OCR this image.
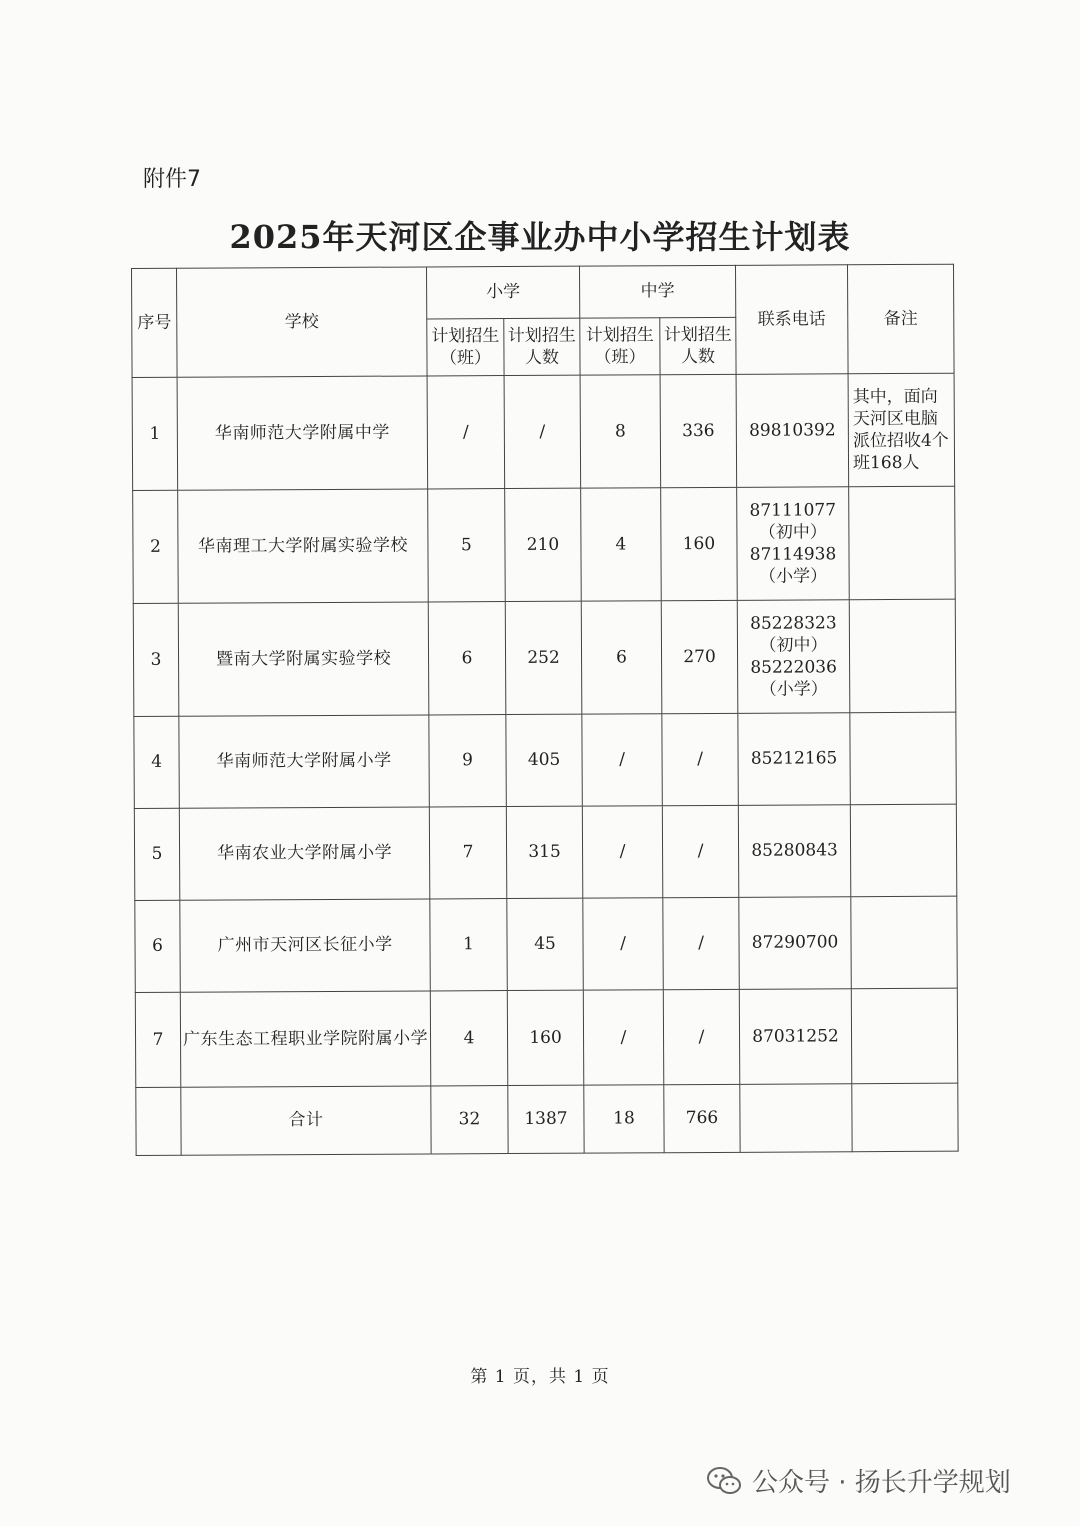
附件7
2025年天河区企事业办中小学招生计划表
序号	学校	小学		中学		联系电话	备注
		计划招生（班）	计划招生人数	计划招生（班）	计划招生人数		
1	华南师范大学附属中学	/	/	8	336	89810392	其中，面向天河区电脑派位招收4个班168人
2	华南理工大学附属实验学校	5	210	4	160	87111077
（初中）
87114938
（小学）	

3	暨南大学附属实验学校	6	252	6	270	85228323
（初中）
85222036
（小学）	

4	华南师范大学附属小学	9	405	/	/	85212165	

5	华南农业大学附属小学	7	315	/	/	85280843	

6	广州市天河区长征小学	1	45	/	/	87290700	

7	广东生态工程职业学院附属小学	4	160	/	/	87031252	

	合计	32	1387	18	766		
第 1 页，共 1 页
公众号 · 扬长升学规划
